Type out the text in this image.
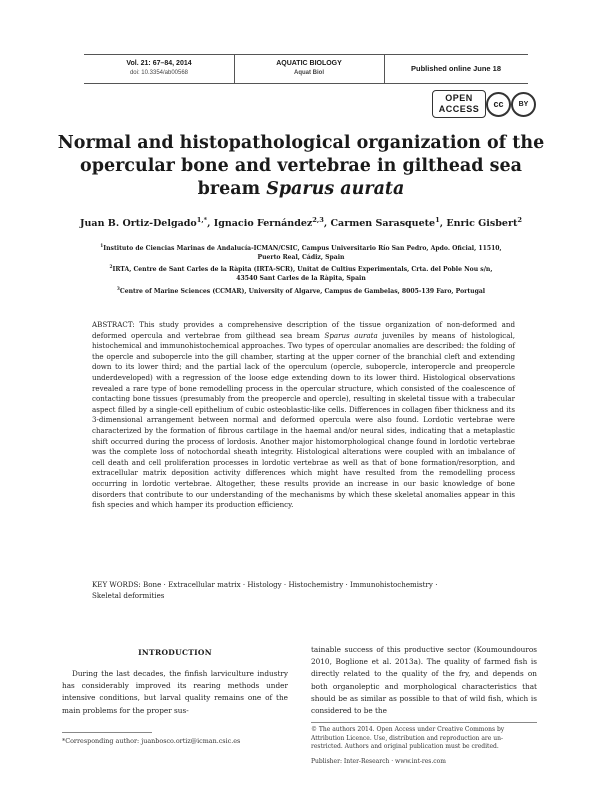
Vol. 21: 67–84, 2014
doi: 10.3354/ab00568
AQUATIC BIOLOGY
Aquat Biol	Published online June 18
OPEN
ACCESS	cc	BY
Normal and histopathological organization of the
opercular bone and vertebrae in gilthead sea
bream Sparus aurata
Juan B. Ortiz-Delgado$^{1,*}$, Ignacio Fernández$^{2,3}$, Carmen Sarasquete$^1$, Enric Gisbert$^2$
$^1$Instituto de Ciencias Marinas de Andalucía-ICMAN/CSIC, Campus Universitario Río San Pedro, Apdo. Oficial, 11510,
Puerto Real, Cádiz, Spain
$^2$IRTA, Centre de Sant Carles de la Ràpita (IRTA-SCR), Unitat de Cultius Experimentals, Crta. del Poble Nou s/n,
43540 Sant Carles de la Ràpita, Spain
$^3$Centre of Marine Sciences (CCMAR), University of Algarve, Campus de Gambelas, 8005-139 Faro, Portugal
ABSTRACT: This study provides a comprehensive description of the tissue organization of non-deformed and deformed opercula and vertebrae from gilthead sea bream Sparus aurata juveniles by means of histological, histochemical and immunohistochemical approaches. Two types of opercular anomalies are described: the folding of the opercle and subopercle into the gill chamber, starting at the upper corner of the branchial cleft and extending down to its lower third; and the partial lack of the operculum (opercle, subopercle, interopercle and preopercle underdeveloped) with a regression of the loose edge extending down to its lower third. Histological observations revealed a rare type of bone remodelling process in the opercular structure, which consisted of the coalescence of contacting bone tissues (presumably from the preopercle and opercle), resulting in skeletal tissue with a trabecular aspect filled by a single-cell epithelium of cubic osteoblastic-like cells. Differences in collagen fiber thickness and its 3-dimensional arrangement between normal and deformed opercula were also found. Lordotic vertebrae were characterized by the formation of fibrous cartilage in the haemal and/or neural sides, indicating that a metaplastic shift occurred during the process of lordosis. Another major histomorphological change found in lordotic vertebrae was the complete loss of notochordal sheath integrity. Histological alterations were coupled with an imbalance of cell death and cell proliferation processes in lordotic vertebrae as well as that of bone formation/resorption, and extracellular matrix deposition activity differences which might have resulted from the remodelling process occurring in lordotic vertebrae. Altogether, these results provide an increase in our basic knowledge of bone disorders that contribute to our understanding of the mechanisms by which these skeletal anomalies appear in this fish species and which hamper its production efficiency.
KEY WORDS: Bone · Extracellular matrix · Histology · Histochemistry · Immunohistochemistry ·
Skeletal deformities
INTRODUCTION
During the last decades, the finfish larviculture industry has considerably improved its rearing methods under intensive conditions, but larval quality remains one of the main problems for the proper sus-
tainable success of this productive sector (Koumoundouros 2010, Boglione et al. 2013a). The quality of farmed fish is directly related to the quality of the fry, and depends on both organoleptic and morphological characteristics that should be as similar as possible to that of wild fish, which is considered to be the
*Corresponding author: juanbosco.ortiz@icman.csic.es
© The authors 2014. Open Access under Creative Commons by
Attribution Licence. Use, distribution and reproduction are un-
restricted. Authors and original publication must be credited.
Publisher: Inter-Research · www.int-res.com
